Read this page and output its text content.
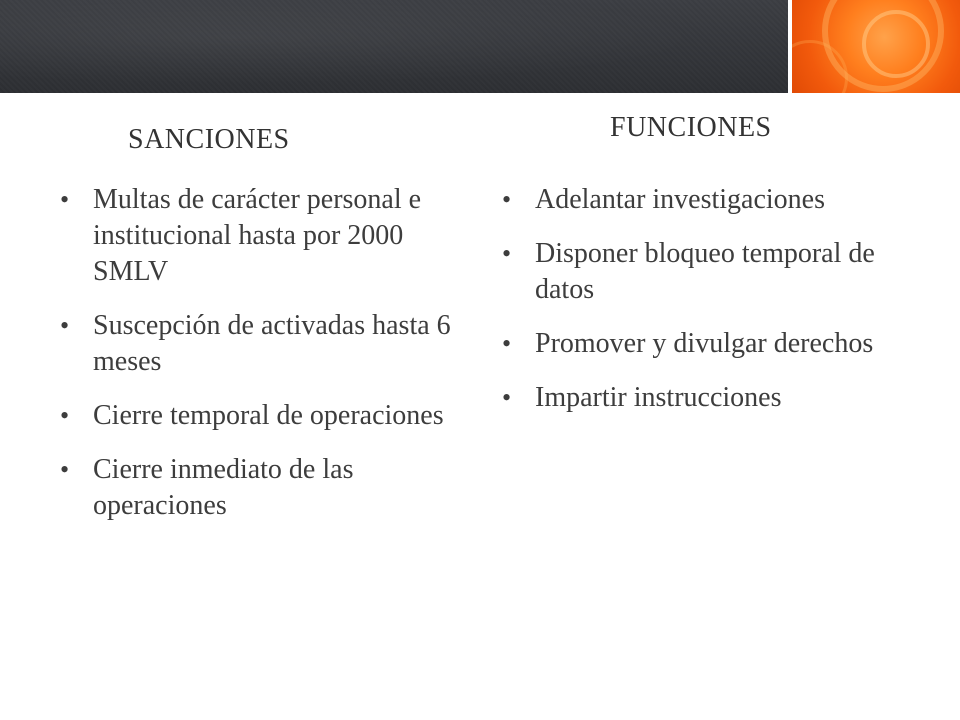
SANCIONES	FUNCIONES
• Multas de carácter personal e institucional hasta por 2000 SMLV
• Suscepción de activadas hasta 6 meses
• Cierre temporal de operaciones
• Cierre inmediato de las operaciones
• Adelantar investigaciones
• Disponer bloqueo temporal de datos
• Promover y divulgar derechos
• Impartir instrucciones
